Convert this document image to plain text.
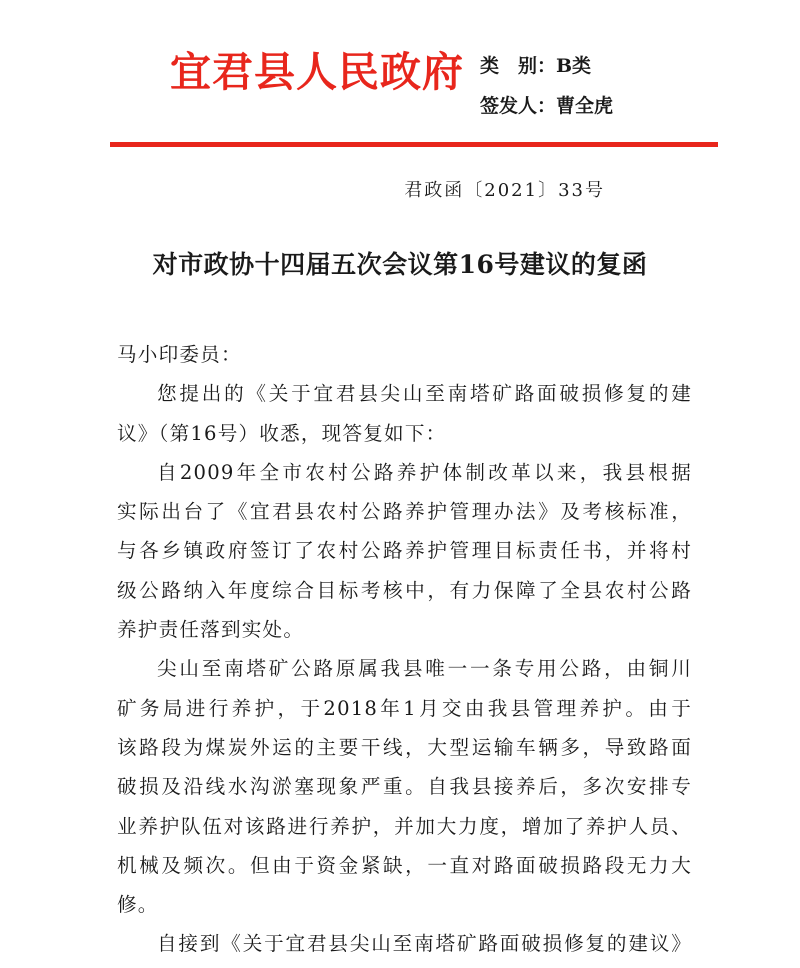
宜君县人民政府 类　别：B类
签发人：曹全虎
君政函〔2021〕33号
对市政协十四届五次会议第16号建议的复函
马小印委员：
您提出的《关于宜君县尖山至南塔矿路面破损修复的建
议》（第16号）收悉，现答复如下：
自2009年全市农村公路养护体制改革以来，我县根据
实际出台了《宜君县农村公路养护管理办法》及考核标准，
与各乡镇政府签订了农村公路养护管理目标责任书，并将村
级公路纳入年度综合目标考核中，有力保障了全县农村公路
养护责任落到实处。
尖山至南塔矿公路原属我县唯一一条专用公路，由铜川
矿务局进行养护，于2018年1月交由我县管理养护。由于
该路段为煤炭外运的主要干线，大型运输车辆多，导致路面
破损及沿线水沟淤塞现象严重。自我县接养后，多次安排专
业养护队伍对该路进行养护，并加大力度，增加了养护人员、
机械及频次。但由于资金紧缺，一直对路面破损路段无力大
修。
自接到《关于宜君县尖山至南塔矿路面破损修复的建议》
